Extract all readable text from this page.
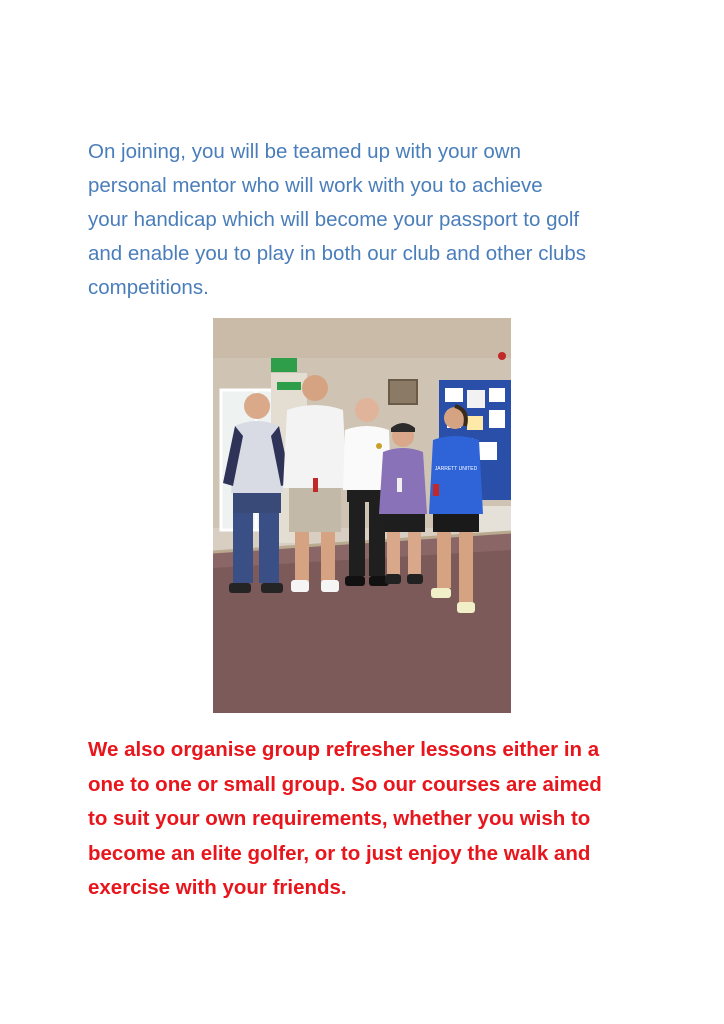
On joining, you will be teamed up with your own
personal mentor who will work with you to achieve
your handicap which will become your passport to golf
and enable you to play in both our club and other clubs
competitions.

JARRETT UNITED

We also organise group refresher lessons either in a
one to one or small group. So our courses are aimed
to suit your own requirements, whether you wish to
become an elite golfer, or to just enjoy the walk and
exercise with your friends.
